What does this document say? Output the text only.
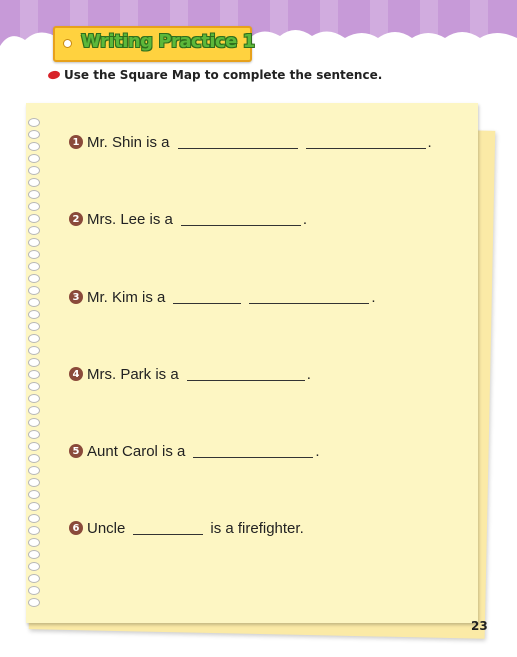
Writing Practice 1
Use the Square Map to complete the sentence.
1 Mr. Shin is a	.
2 Mrs. Lee is a	.
3 Mr. Kim is a	.
4 Mrs. Park is a	.
5 Aunt Carol is a	.
6 Uncle	is a firefighter.
23
